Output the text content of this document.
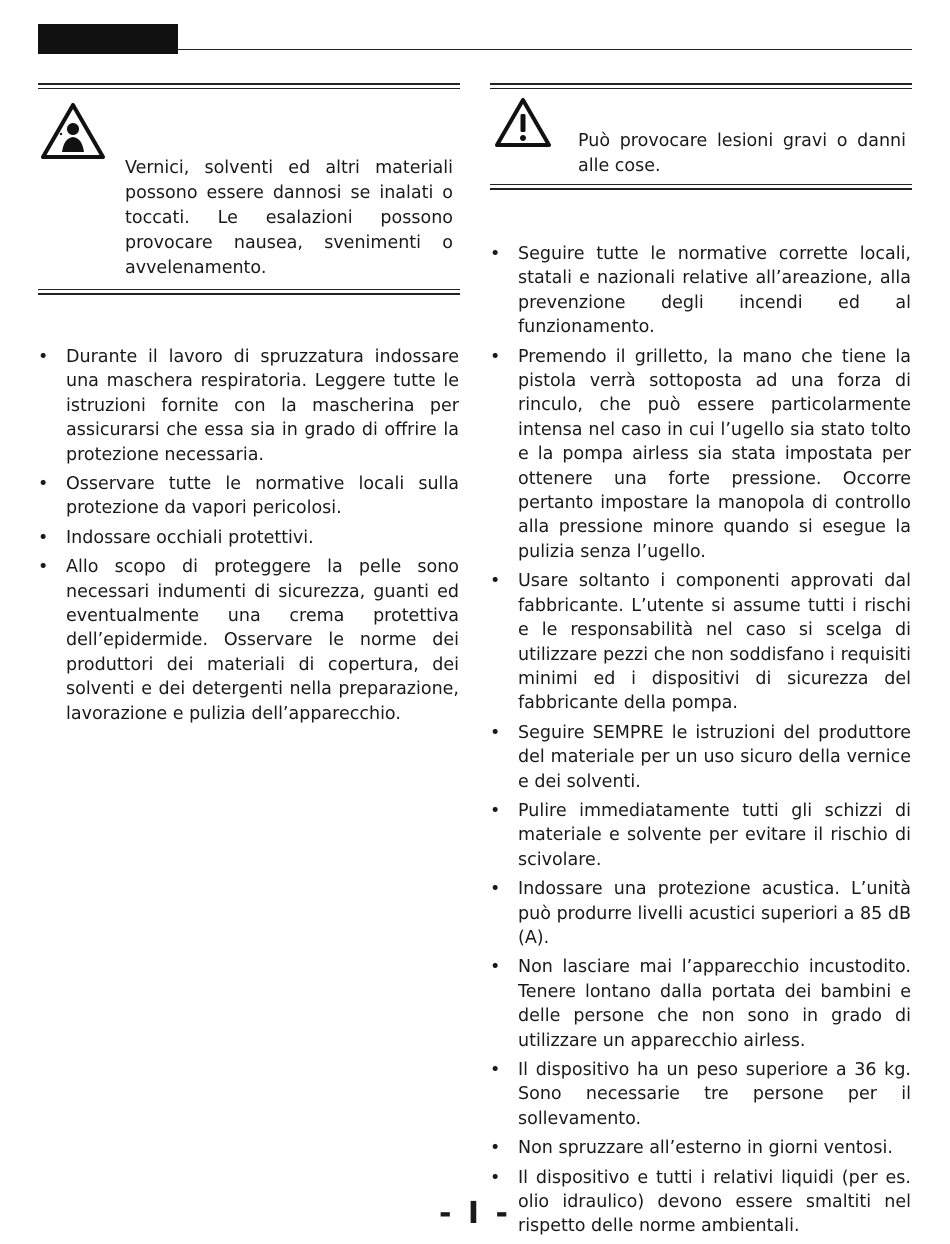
Vernici, solventi ed altri materiali possono essere dannosi se inalati o toccati. Le esalazioni possono provocare nausea, svenimenti o avvelenamento.
Può provocare lesioni gravi o danni alle cose.
• Durante il lavoro di spruzzatura indossare una maschera respiratoria. Leggere tutte le istruzioni fornite con la mascherina per assicurarsi che essa sia in grado di offrire la protezione necessaria.
• Osservare tutte le normative locali sulla protezione da vapori pericolosi.
• Indossare occhiali protettivi.
• Allo scopo di proteggere la pelle sono necessari indumenti di sicurezza, guanti ed eventualmente una crema protettiva dell’epidermide. Osservare le norme dei produttori dei materiali di copertura, dei solventi e dei detergenti nella preparazione, lavorazione e pulizia dell’apparecchio.
• Seguire tutte le normative corrette locali, statali e nazionali relative all’areazione, alla prevenzione degli incendi ed al funzionamento.
• Premendo il grilletto, la mano che tiene la pistola verrà sottoposta ad una forza di rinculo, che può essere particolarmente intensa nel caso in cui l’ugello sia stato tolto e la pompa airless sia stata impostata per ottenere una forte pressione. Occorre pertanto impostare la manopola di controllo alla pressione minore quando si esegue la pulizia senza l’ugello.
• Usare soltanto i componenti approvati dal fabbricante. L’utente si assume tutti i rischi e le responsabilità nel caso si scelga di utilizzare pezzi che non soddisfano i requisiti minimi ed i dispositivi di sicurezza del fabbricante della pompa.
• Seguire SEMPRE le istruzioni del produttore del materiale per un uso sicuro della vernice e dei solventi.
• Pulire immediatamente tutti gli schizzi di materiale e solvente per evitare il rischio di scivolare.
• Indossare una protezione acustica. L’unità può produrre livelli acustici superiori a 85 dB (A).
• Non lasciare mai l’apparecchio incustodito. Tenere lontano dalla portata dei bambini e delle persone che non sono in grado di utilizzare un apparecchio airless.
• Il dispositivo ha un peso superiore a 36 kg. Sono necessarie tre persone per il sollevamento.
• Non spruzzare all’esterno in giorni ventosi.
• Il dispositivo e tutti i relativi liquidi (per es. olio idraulico) devono essere smaltiti nel rispetto delle norme ambientali.
- I -
